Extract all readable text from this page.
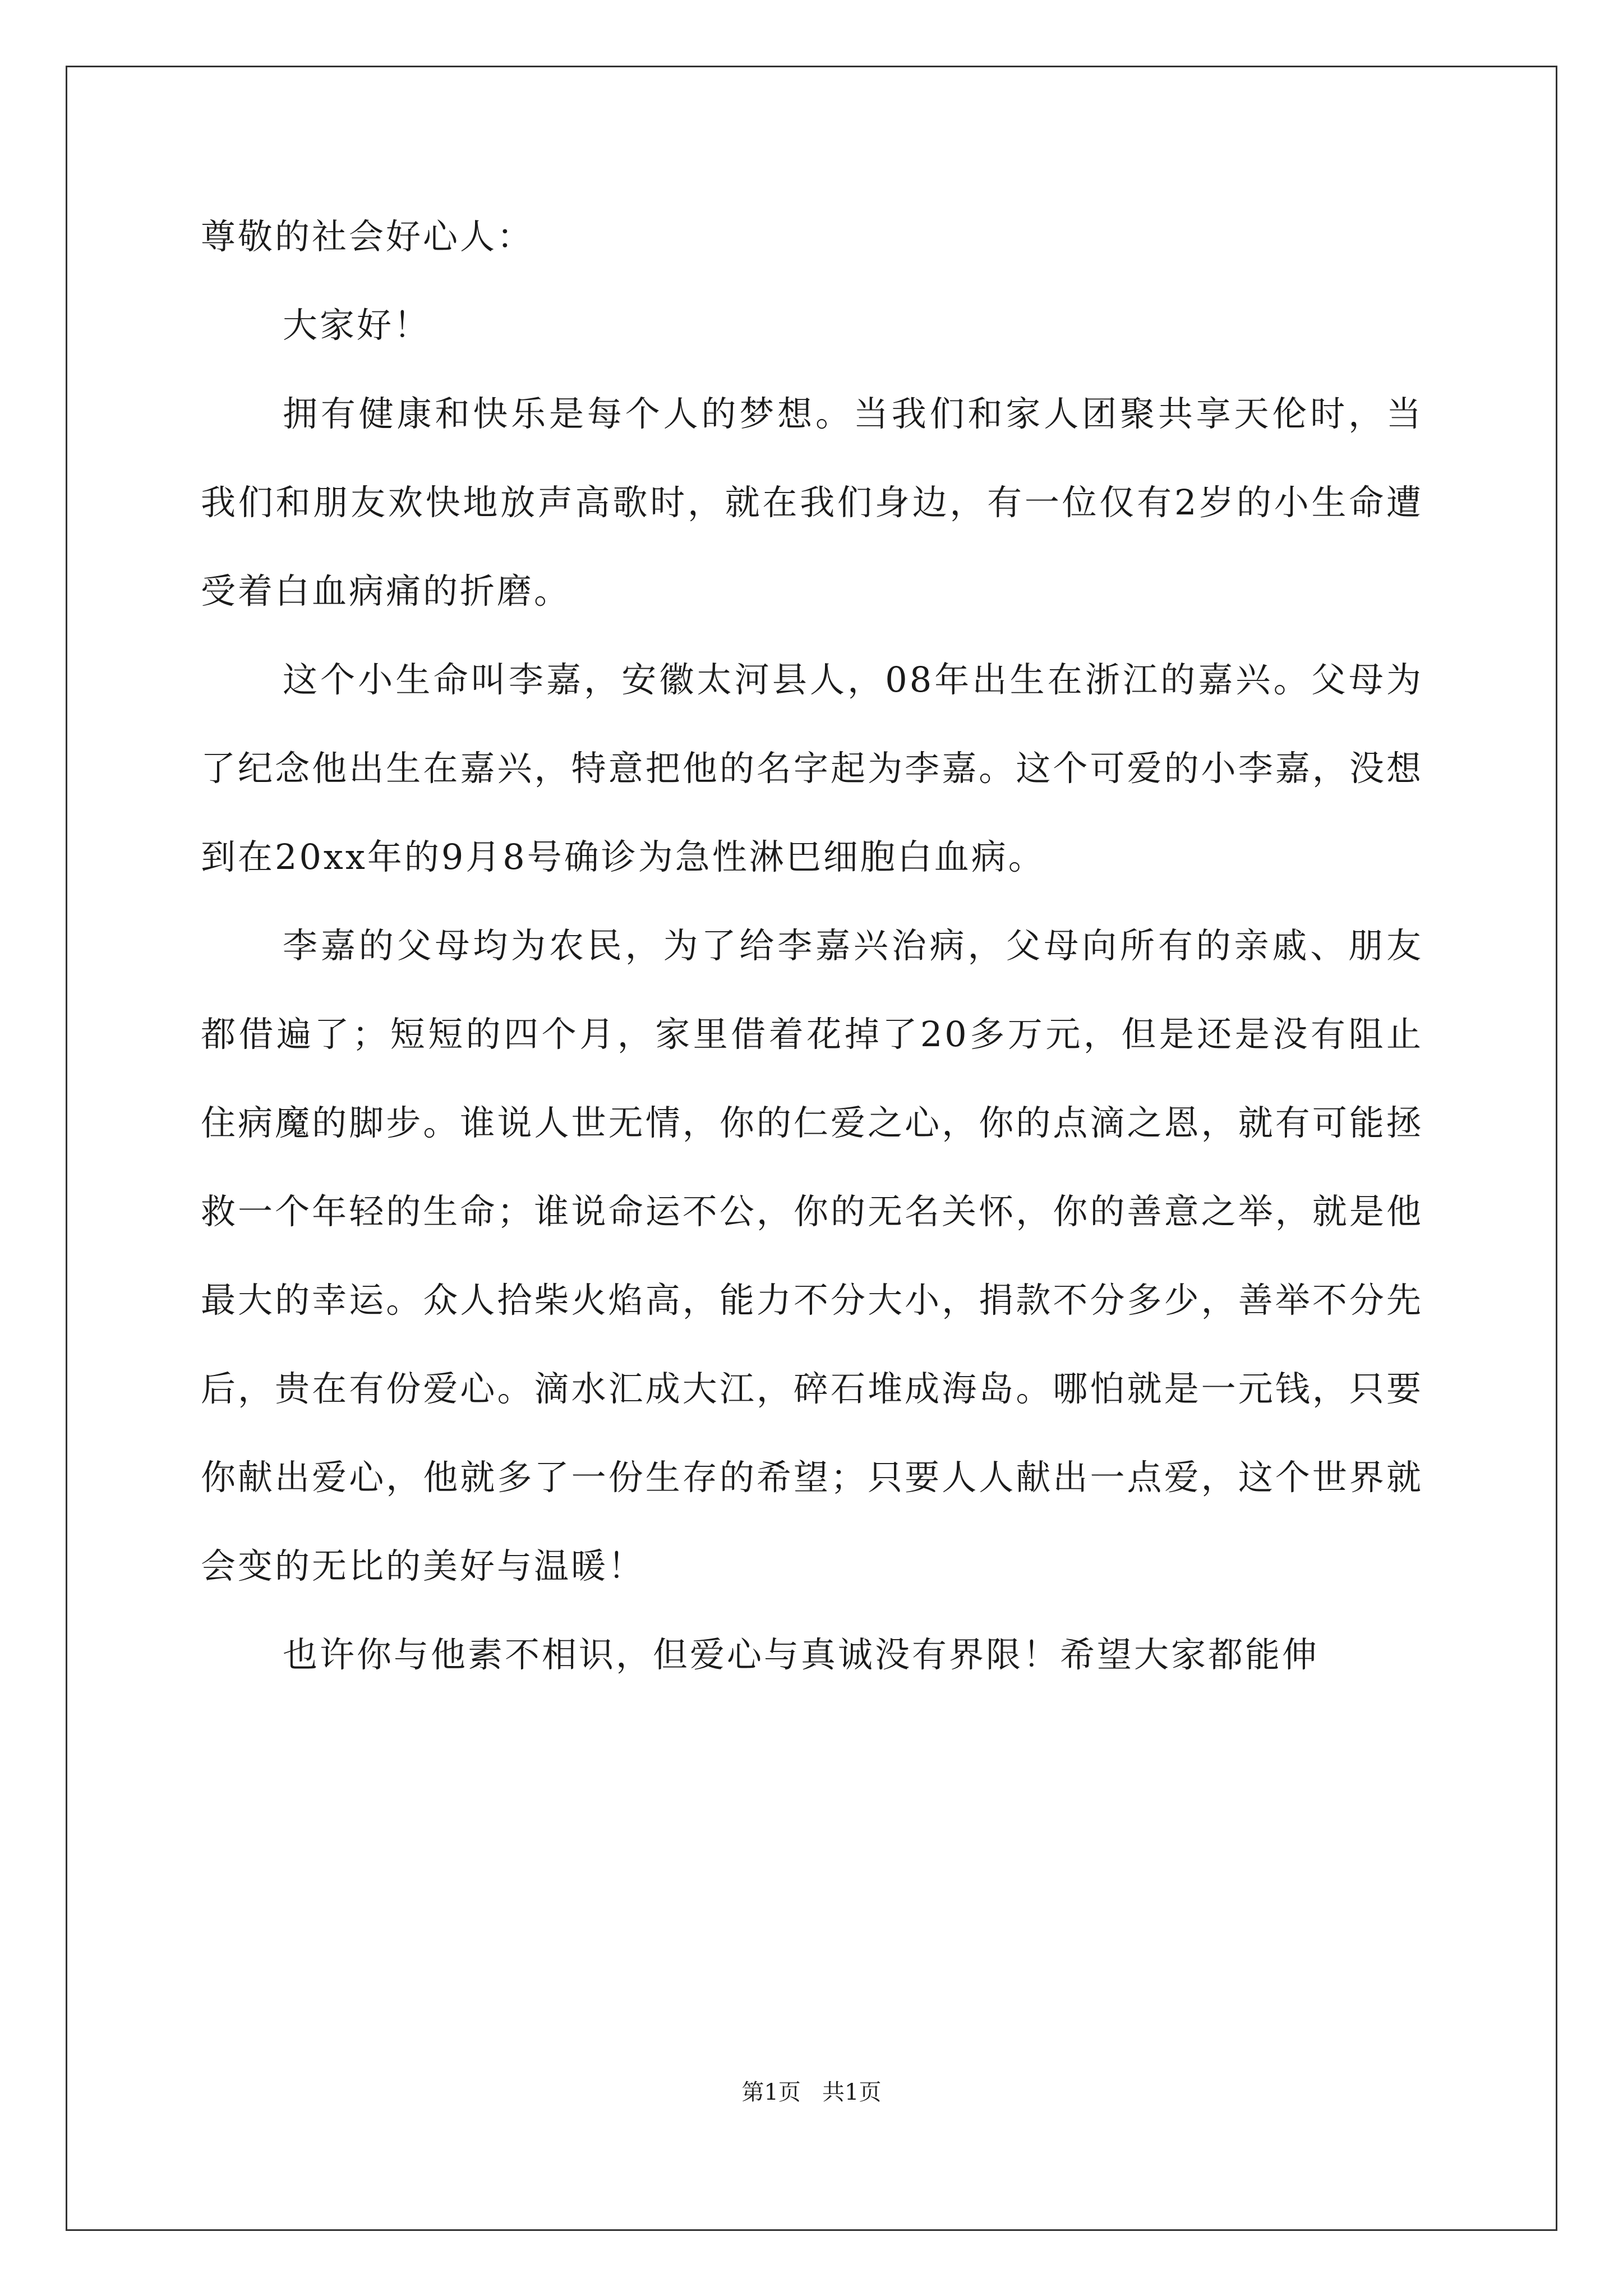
尊敬的社会好心人：

大家好！

拥有健康和快乐是每个人的梦想。当我们和家人团聚共享天伦时，当我们和朋友欢快地放声高歌时，就在我们身边，有一位仅有2岁的小生命遭受着白血病痛的折磨。

这个小生命叫李嘉，安徽太河县人，08年出生在浙江的嘉兴。父母为了纪念他出生在嘉兴，特意把他的名字起为李嘉。这个可爱的小李嘉，没想到在20xx年的9月8号确诊为急性淋巴细胞白血病。

李嘉的父母均为农民，为了给李嘉兴治病，父母向所有的亲戚、朋友都借遍了；短短的四个月，家里借着花掉了20多万元，但是还是没有阻止住病魔的脚步。谁说人世无情，你的仁爱之心，你的点滴之恩，就有可能拯救一个年轻的生命；谁说命运不公，你的无名关怀，你的善意之举，就是他最大的幸运。众人拾柴火焰高，能力不分大小，捐款不分多少，善举不分先后，贵在有份爱心。滴水汇成大江，碎石堆成海岛。哪怕就是一元钱，只要你献出爱心，他就多了一份生存的希望；只要人人献出一点爱，这个世界就会变的无比的美好与温暖！

也许你与他素不相识，但爱心与真诚没有界限！希望大家都能伸

第1页   共1页
